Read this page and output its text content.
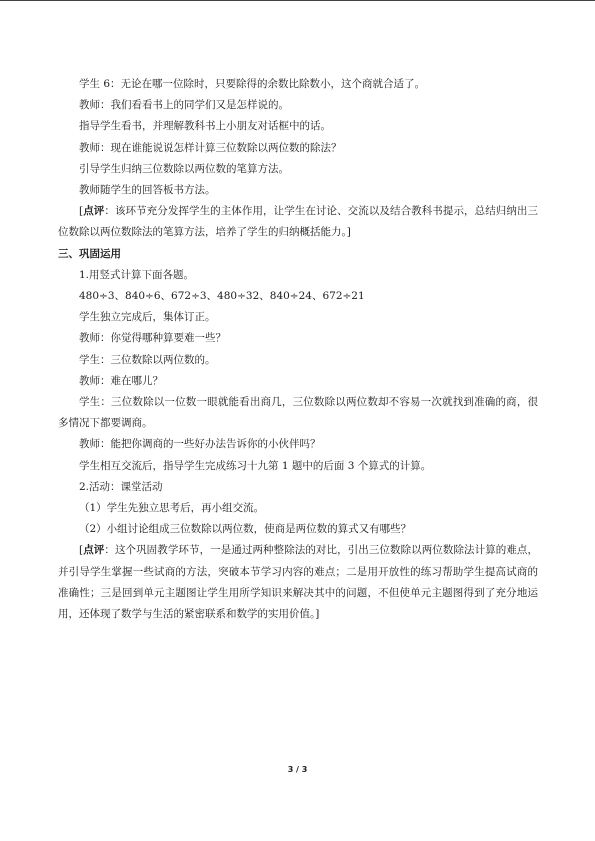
学生 6：无论在哪一位除时，只要除得的余数比除数小，这个商就合适了。

教师：我们看看书上的同学们又是怎样说的。

指导学生看书，并理解教科书上小朋友对话框中的话。

教师：现在谁能说说怎样计算三位数除以两位数的除法？

引导学生归纳三位数除以两位数的笔算方法。

教师随学生的回答板书方法。

[点评：该环节充分发挥学生的主体作用，让学生在讨论、交流以及结合教科书提示，总结归纳出三位数除以两位数除法的笔算方法，培养了学生的归纳概括能力。]

三、巩固运用

1.用竖式计算下面各题。

480÷3、840÷6、672÷3、480÷32、840÷24、672÷21

学生独立完成后，集体订正。

教师：你觉得哪种算要难一些？

学生：三位数除以两位数的。

教师：难在哪儿？

学生：三位数除以一位数一眼就能看出商几，三位数除以两位数却不容易一次就找到准确的商，很多情况下都要调商。

教师：能把你调商的一些好办法告诉你的小伙伴吗？

学生相互交流后，指导学生完成练习十九第 1 题中的后面 3 个算式的计算。

2.活动：课堂活动

（1）学生先独立思考后，再小组交流。

（2）小组讨论组成三位数除以两位数，使商是两位数的算式又有哪些？

[点评：这个巩固教学环节，一是通过两种整除法的对比，引出三位数除以两位数除法计算的难点，并引导学生掌握一些试商的方法，突破本节学习内容的难点；二是用开放性的练习帮助学生提高试商的准确性；三是回到单元主题图让学生用所学知识来解决其中的问题，不但使单元主题图得到了充分地运用，还体现了数学与生活的紧密联系和数学的实用价值。]

3 / 3
